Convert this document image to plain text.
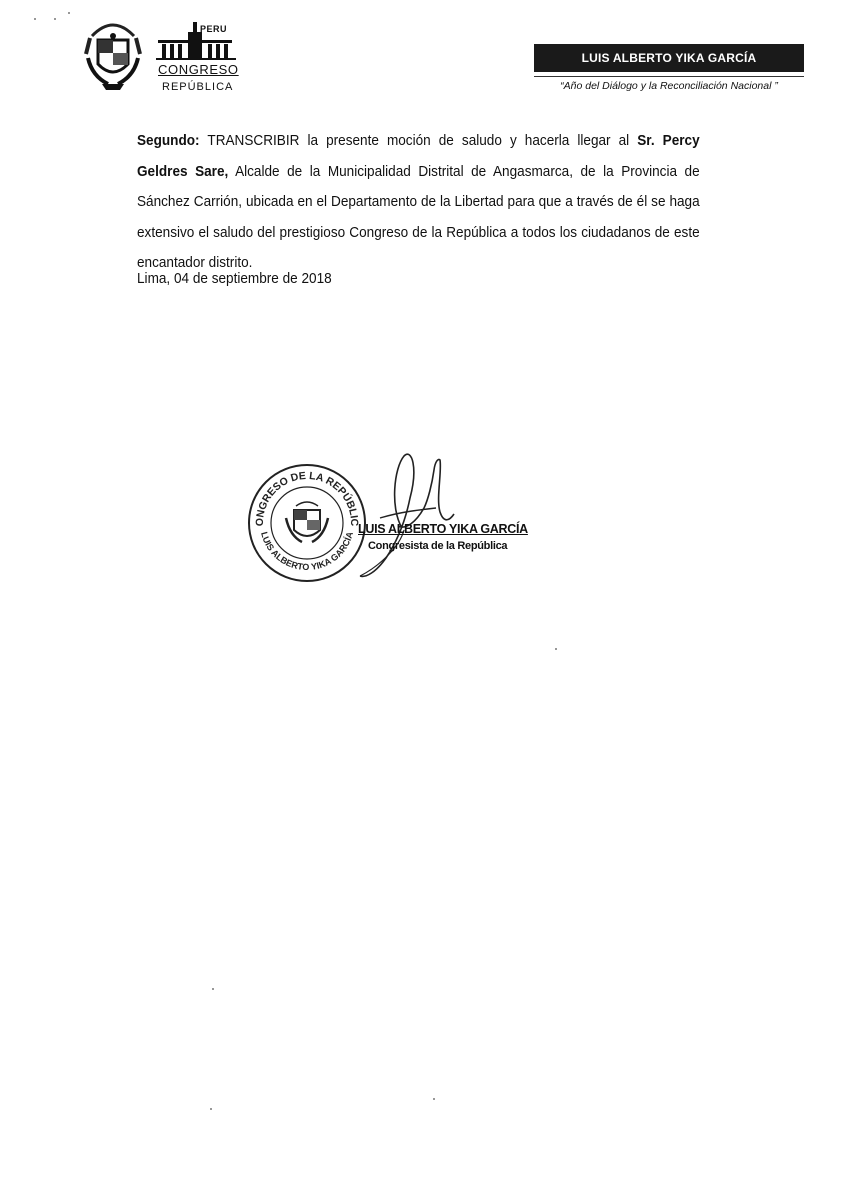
PERU
CONGRESO
REPÚBLICA
LUIS ALBERTO YIKA GARCÍA
“Año del Diálogo y la Reconciliación Nacional ”
Segundo: TRANSCRIBIR la presente moción de saludo y hacerla llegar al Sr. Percy Geldres Sare, Alcalde de la Municipalidad Distrital de Angasmarca, de la Provincia de Sánchez Carrión, ubicada en el Departamento de la Libertad para que a través de él se haga extensivo el saludo del prestigioso Congreso de la República a todos los ciudadanos de este encantador distrito.
Lima, 04 de septiembre de 2018
ONGRESO DE LA REPÚBLIC
LUIS ALBERTO YIKA GARCÍA LUIS ALBERTO YIKA GARCÍA
Congresista de la República
